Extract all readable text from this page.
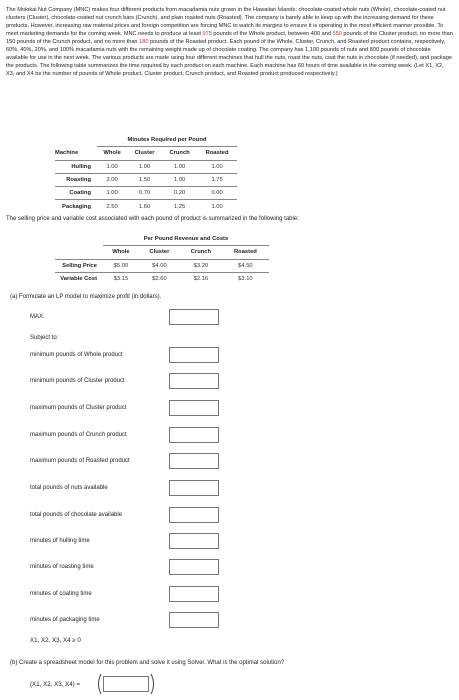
The Molokai Nut Company (MNC) makes four different products from macadamia nuts grown in the Hawaiian Islands: chocolate-coated whole nuts (Whole), chocolate-coated nut clusters (Cluster), chocolate-coated nut crunch bars (Crunch), and plain roasted nuts (Roasted). The company is barely able to keep up with the increasing demand for these products. However, increasing raw material prices and foreign competition are forcing MNC to watch its margins to ensure it is operating in the most efficient manner possible. To meet marketing demands for the coming week, MNC needs to produce at least 975 pounds of the Whole product, between 400 and 550 pounds of the Cluster product, no more than 150 pounds of the Crunch product, and no more than 180 pounds of the Roasted product. Each pound of the Whole, Cluster, Crunch, and Roasted product contains, respectively, 60%, 40%, 20%, and 100% macadamia nuts with the remaining weight made up of chocolate coating. The company has 1,100 pounds of nuts and 800 pounds of chocolate available for use in the next week. The various products are made using four different machines that hull the nuts, roast the nuts, coat the nuts in chocolate (if needed), and package the products. The following table summarizes the time required by each product on each machine. Each machine has 60 hours of time available in the coming week. (Let X1, X2, X3, and X4 be the number of pounds of Whole product, Cluster product, Crunch product, and Roasted product produced respectively.)
	Minutes Required per Pound			
Machine	Whole	Cluster	Crunch	Roasted
Hulling	1.00	1.00	1.00	1.00
Roasting	2.00	1.50	1.00	1.75
Coating	1.00	0.70	0.20	0.00
Packaging	2.50	1.60	1.25	1.00
The selling price and variable cost associated with each pound of product is summarized in the following table:
	Per Pound Revenue and Costs			
	Whole	Cluster	Crunch	Roasted
Selling Price	$5.00	$4.00	$3.20	$4.50
Variable Cost	$3.15	$2.60	$2.16	$3.10
(a) Formulate an LP model to maximize profit (in dollars).
MAX:
Subject to:
minimum pounds of Whole product
minimum pounds of Cluster product
maximum pounds of Cluster product
maximum pounds of Crunch product
maximum pounds of Roasted product
total pounds of nuts available
total pounds of chocolate available
minutes of hulling time
minutes of roasting time
minutes of coating time
minutes of packaging time
X1, X2, X3, X4 ≥ 0
(b) Create a spreadsheet model for this problem and solve it using Solver. What is the optimal solution?
(X1, X2, X3, X4) =
